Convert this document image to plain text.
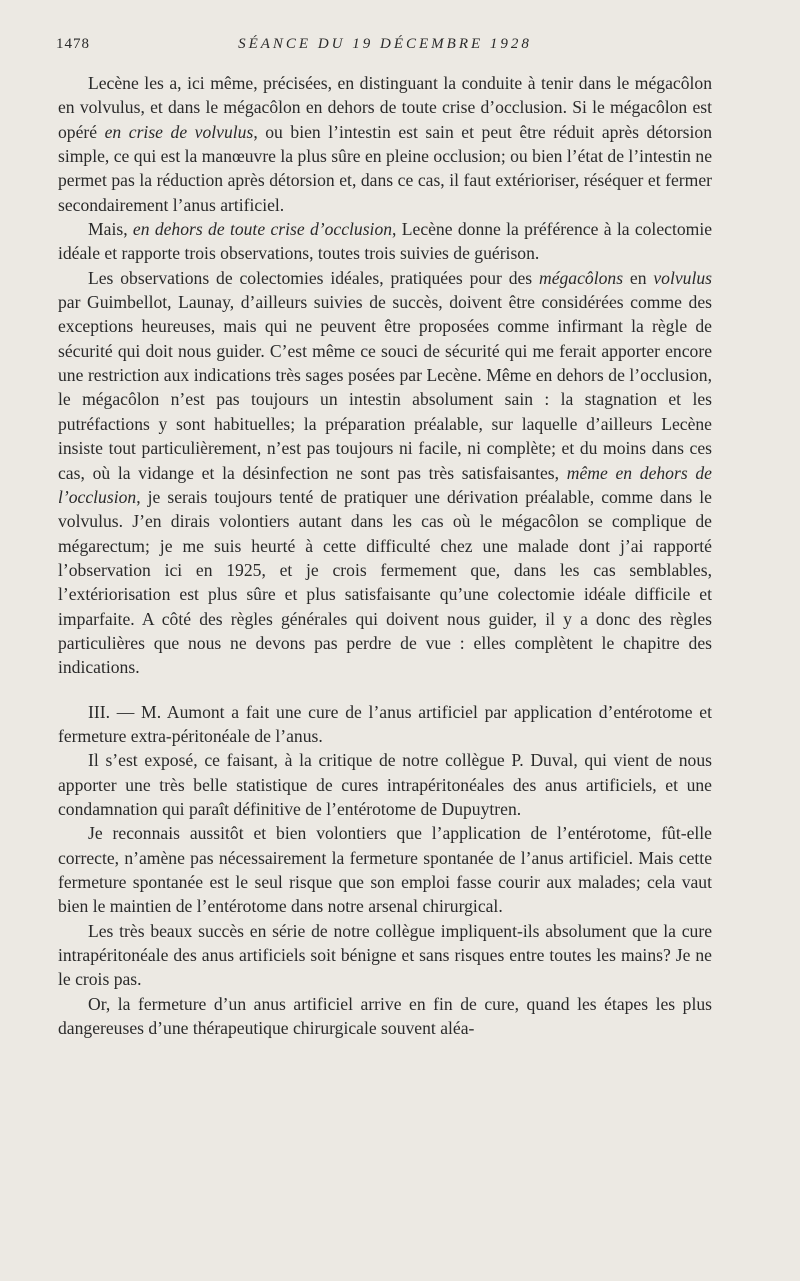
1478	SÉANCE DU 19 DÉCEMBRE 1928

Lecène les a, ici même, précisées, en distinguant la conduite à tenir dans le mégacôlon en volvulus, et dans le mégacôlon en dehors de toute crise d’occlusion. Si le mégacôlon est opéré en crise de volvulus, ou bien l’intestin est sain et peut être réduit après détorsion simple, ce qui est la manœuvre la plus sûre en pleine occlusion; ou bien l’état de l’intestin ne permet pas la réduction après détorsion et, dans ce cas, il faut extérioriser, réséquer et fermer secondairement l’anus artificiel.

Mais, en dehors de toute crise d’occlusion, Lecène donne la préférence à la colectomie idéale et rapporte trois observations, toutes trois suivies de guérison.

Les observations de colectomies idéales, pratiquées pour des mégacôlons en volvulus par Guimbellot, Launay, d’ailleurs suivies de succès, doivent être considérées comme des exceptions heureuses, mais qui ne peuvent être proposées comme infirmant la règle de sécurité qui doit nous guider. C’est même ce souci de sécurité qui me ferait apporter encore une restriction aux indications très sages posées par Lecène. Même en dehors de l’occlusion, le mégacôlon n’est pas toujours un intestin absolument sain : la stagnation et les putréfactions y sont habituelles; la préparation préalable, sur laquelle d’ailleurs Lecène insiste tout particulièrement, n’est pas toujours ni facile, ni complète; et du moins dans ces cas, où la vidange et la désinfection ne sont pas très satisfaisantes, même en dehors de l’occlusion, je serais toujours tenté de pratiquer une dérivation préalable, comme dans le volvulus. J’en dirais volontiers autant dans les cas où le mégacôlon se complique de mégarectum; je me suis heurté à cette difficulté chez une malade dont j’ai rapporté l’observation ici en 1925, et je crois fermement que, dans les cas semblables, l’extériorisation est plus sûre et plus satisfaisante qu’une colectomie idéale difficile et imparfaite. A côté des règles générales qui doivent nous guider, il y a donc des règles particulières que nous ne devons pas perdre de vue : elles complètent le chapitre des indications.

III. — M. Aumont a fait une cure de l’anus artificiel par application d’entérotome et fermeture extra-péritonéale de l’anus.

Il s’est exposé, ce faisant, à la critique de notre collègue P. Duval, qui vient de nous apporter une très belle statistique de cures intrapéritonéales des anus artificiels, et une condamnation qui paraît définitive de l’entérotome de Dupuytren.

Je reconnais aussitôt et bien volontiers que l’application de l’entérotome, fût-elle correcte, n’amène pas nécessairement la fermeture spontanée de l’anus artificiel. Mais cette fermeture spontanée est le seul risque que son emploi fasse courir aux malades; cela vaut bien le maintien de l’entérotome dans notre arsenal chirurgical.

Les très beaux succès en série de notre collègue impliquent-ils absolument que la cure intrapéritonéale des anus artificiels soit bénigne et sans risques entre toutes les mains? Je ne le crois pas.

Or, la fermeture d’un anus artificiel arrive en fin de cure, quand les étapes les plus dangereuses d’une thérapeutique chirurgicale souvent aléa-
